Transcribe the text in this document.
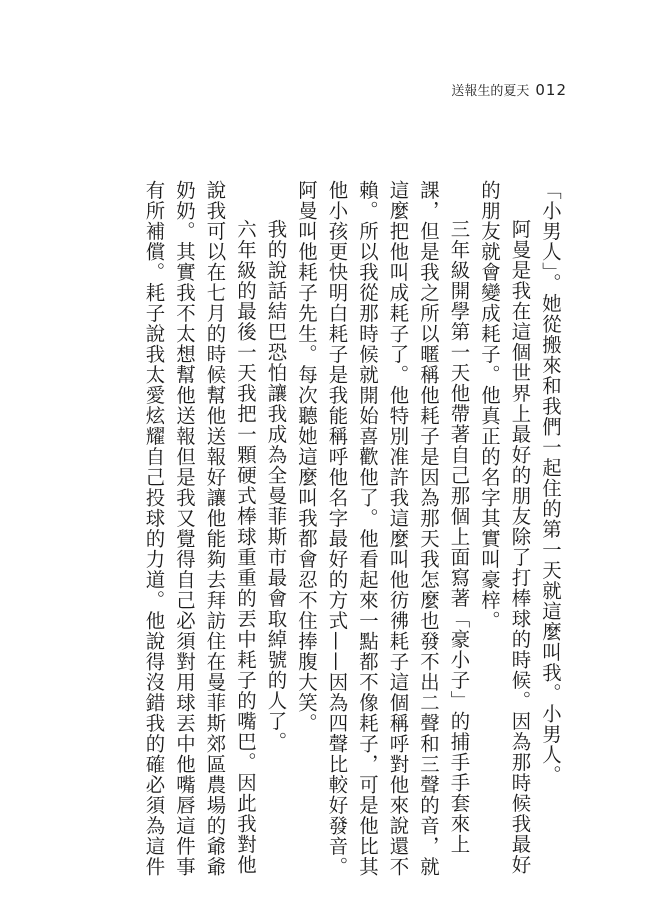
送報生的夏天 012

「小男人」。她從搬來和我們一起住的第一天就這麼叫我。小男人。

阿曼是我在這個世界上最好的朋友除了打棒球的時候。因為那時候我最好的朋友就會變成耗子。他真正的名字其實叫豪梓。

三年級開學第一天他帶著自己那個上面寫著「豪小子」的捕手手套來上課，但是我之所以暱稱他耗子是因為那天我怎麼也發不出二聲和三聲的音，就這麼把他叫成耗子了。他特別准許我這麼叫他彷彿耗子這個稱呼對他來說還不賴。所以我從那時候就開始喜歡他了。他看起來一點都不像耗子，可是他比其他小孩更快明白耗子是我能稱呼他名字最好的方式——因為四聲比較好發音。

阿曼叫他耗子先生。每次聽她這麼叫我都會忍不住捧腹大笑。

我的說話結巴恐怕讓我成為全曼菲斯市最會取綽號的人了。

六年級的最後一天我把一顆硬式棒球重重的丟中耗子的嘴巴。因此我對他說我可以在七月的時候幫他送報好讓他能夠去拜訪住在曼菲斯郊區農場的爺爺奶奶。其實我不太想幫他送報但是我又覺得自己必須對用球丟中他嘴唇這件事有所補償。耗子說我太愛炫耀自己投球的力道。他說得沒錯我的確必須為這件
